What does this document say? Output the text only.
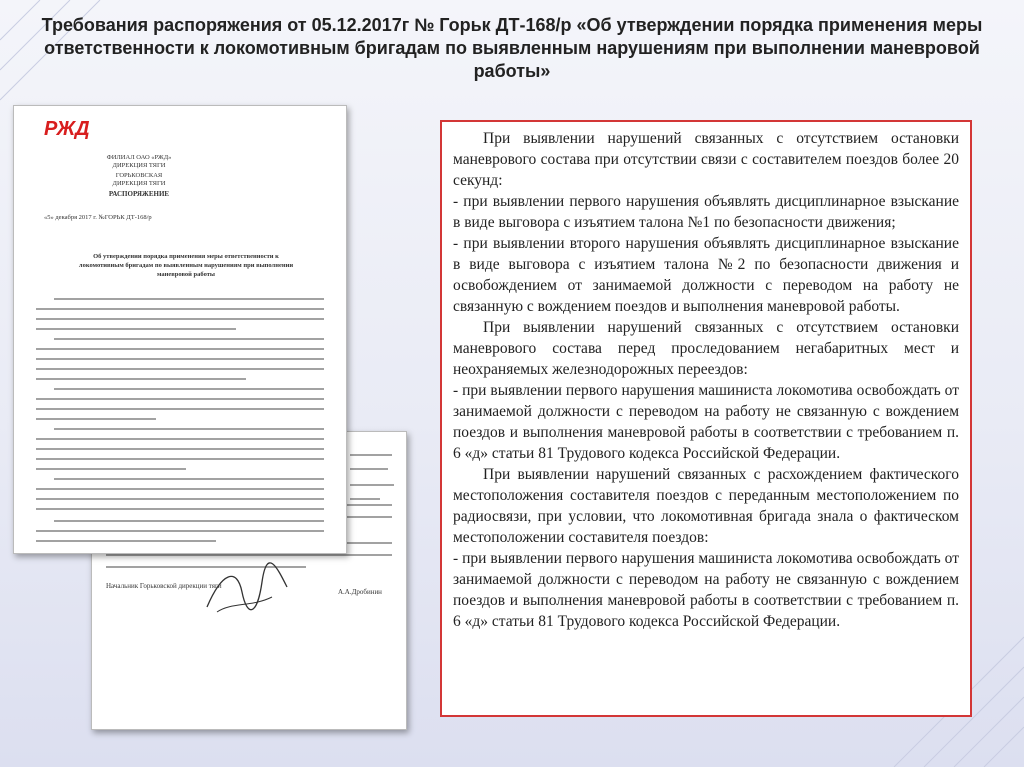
Требования распоряжения от 05.12.2017г № Горьк ДТ-168/р «Об утверждении порядка применения меры ответственности к локомотивным бригадам по выявленным нарушениям при выполнении маневровой работы»
Начальник Горьковской дирекции тяги
А.А.Дробинин
РЖД
ФИЛИАЛ ОАО «РЖД»
ДИРЕКЦИЯ ТЯГИ
ГОРЬКОВСКАЯ
ДИРЕКЦИЯ ТЯГИ
РАСПОРЯЖЕНИЕ
«5» декабря 2017 г. №ГОРЬК ДТ-168/р
Об утверждении порядка применения меры ответственности к локомотивным бригадам по выявленным нарушениям при выполнении маневровой работы

При выявлении нарушений связанных с отсутствием остановки маневрового состава при отсутствии связи с составителем поездов более 20 секунд:

- при выявлении первого нарушения объявлять дисциплинарное взыскание в виде выговора с изъятием талона №1 по безопасности движения;

- при выявлении второго нарушения объявлять дисциплинарное взыскание в виде выговора с изъятием талона №2 по безопасности движения и освобождением от занимаемой должности с переводом на работу не связанную с вождением поездов и выполнения маневровой работы.

При выявлении нарушений связанных с отсутствием остановки маневрового состава перед проследованием негабаритных мест и неохраняемых железнодорожных переездов:

- при выявлении первого нарушения машиниста локомотива освобождать от занимаемой должности с переводом на работу не связанную с вождением поездов и выполнения маневровой работы в соответствии с требованием п. 6 «д» статьи 81 Трудового кодекса Российской Федерации.

При выявлении нарушений связанных с расхождением фактического местоположения составителя поездов с переданным местоположением по радиосвязи, при условии, что локомотивная бригада знала о фактическом местоположении составителя поездов:

- при выявлении первого нарушения машиниста локомотива освобождать от занимаемой должности с переводом на работу не связанную с вождением поездов и выполнения маневровой работы в соответствии с требованием п. 6 «д» статьи 81 Трудового кодекса Российской Федерации.
